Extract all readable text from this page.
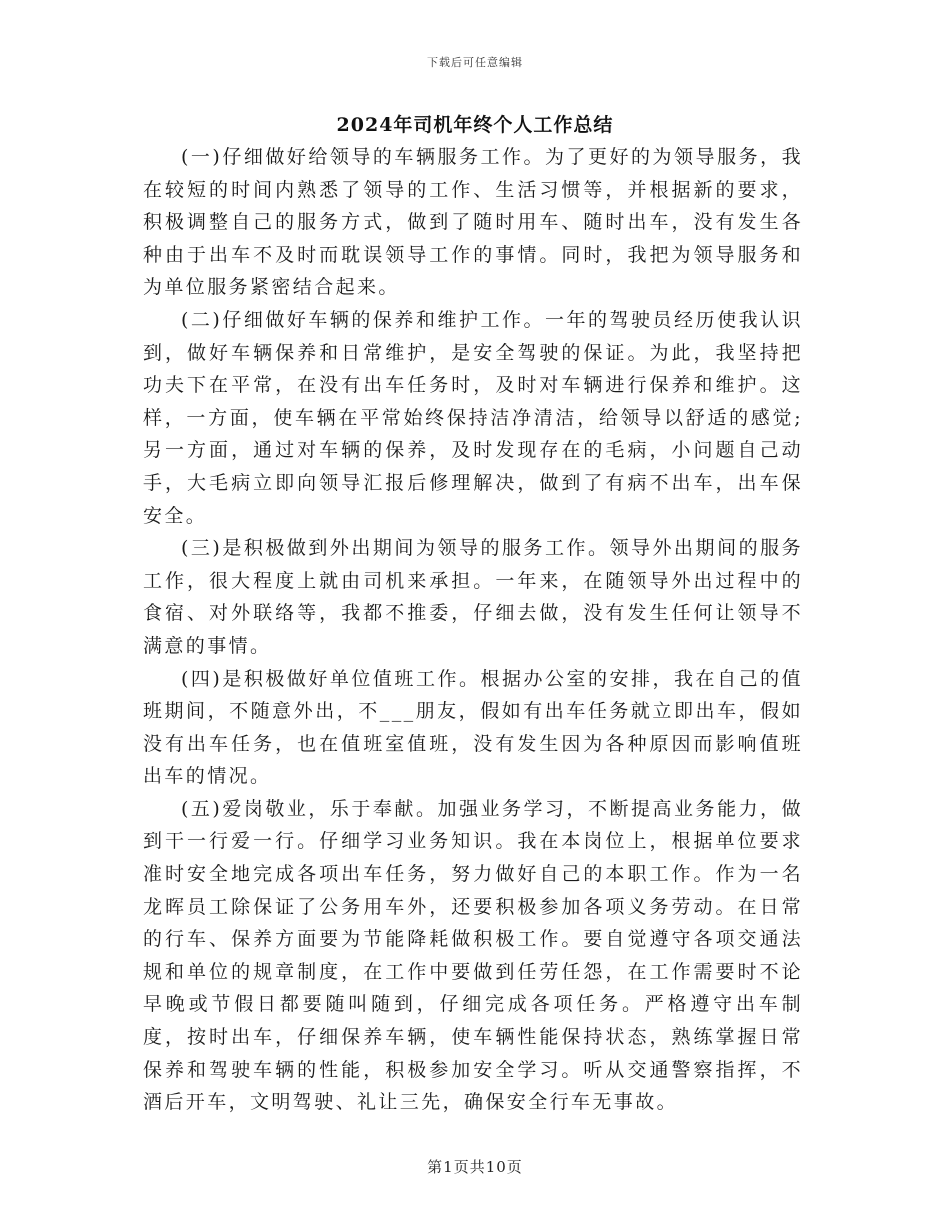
下载后可任意编辑
2024年司机年终个人工作总结

(一)仔细做好给领导的车辆服务工作。为了更好的为领导服务，我在较短的时间内熟悉了领导的工作、生活习惯等，并根据新的要求，积极调整自己的服务方式，做到了随时用车、随时出车，没有发生各种由于出车不及时而耽误领导工作的事情。同时，我把为领导服务和为单位服务紧密结合起来。

(二)仔细做好车辆的保养和维护工作。一年的驾驶员经历使我认识到，做好车辆保养和日常维护，是安全驾驶的保证。为此，我坚持把功夫下在平常，在没有出车任务时，及时对车辆进行保养和维护。这样，一方面，使车辆在平常始终保持洁净清洁，给领导以舒适的感觉;另一方面，通过对车辆的保养，及时发现存在的毛病，小问题自己动手，大毛病立即向领导汇报后修理解决，做到了有病不出车，出车保安全。

(三)是积极做到外出期间为领导的服务工作。领导外出期间的服务工作，很大程度上就由司机来承担。一年来，在随领导外出过程中的食宿、对外联络等，我都不推委，仔细去做，没有发生任何让领导不满意的事情。

(四)是积极做好单位值班工作。根据办公室的安排，我在自己的值班期间，不随意外出，不___朋友，假如有出车任务就立即出车，假如没有出车任务，也在值班室值班，没有发生因为各种原因而影响值班出车的情况。

(五)爱岗敬业，乐于奉献。加强业务学习，不断提高业务能力，做到干一行爱一行。仔细学习业务知识。我在本岗位上，根据单位要求准时安全地完成各项出车任务，努力做好自己的本职工作。作为一名龙晖员工除保证了公务用车外，还要积极参加各项义务劳动。在日常的行车、保养方面要为节能降耗做积极工作。要自觉遵守各项交通法规和单位的规章制度，在工作中要做到任劳任怨，在工作需要时不论早晚或节假日都要随叫随到，仔细完成各项任务。严格遵守出车制度，按时出车，仔细保养车辆，使车辆性能保持状态，熟练掌握日常保养和驾驶车辆的性能，积极参加安全学习。听从交通警察指挥，不酒后开车，文明驾驶、礼让三先，确保安全行车无事故。

第1页共10页
